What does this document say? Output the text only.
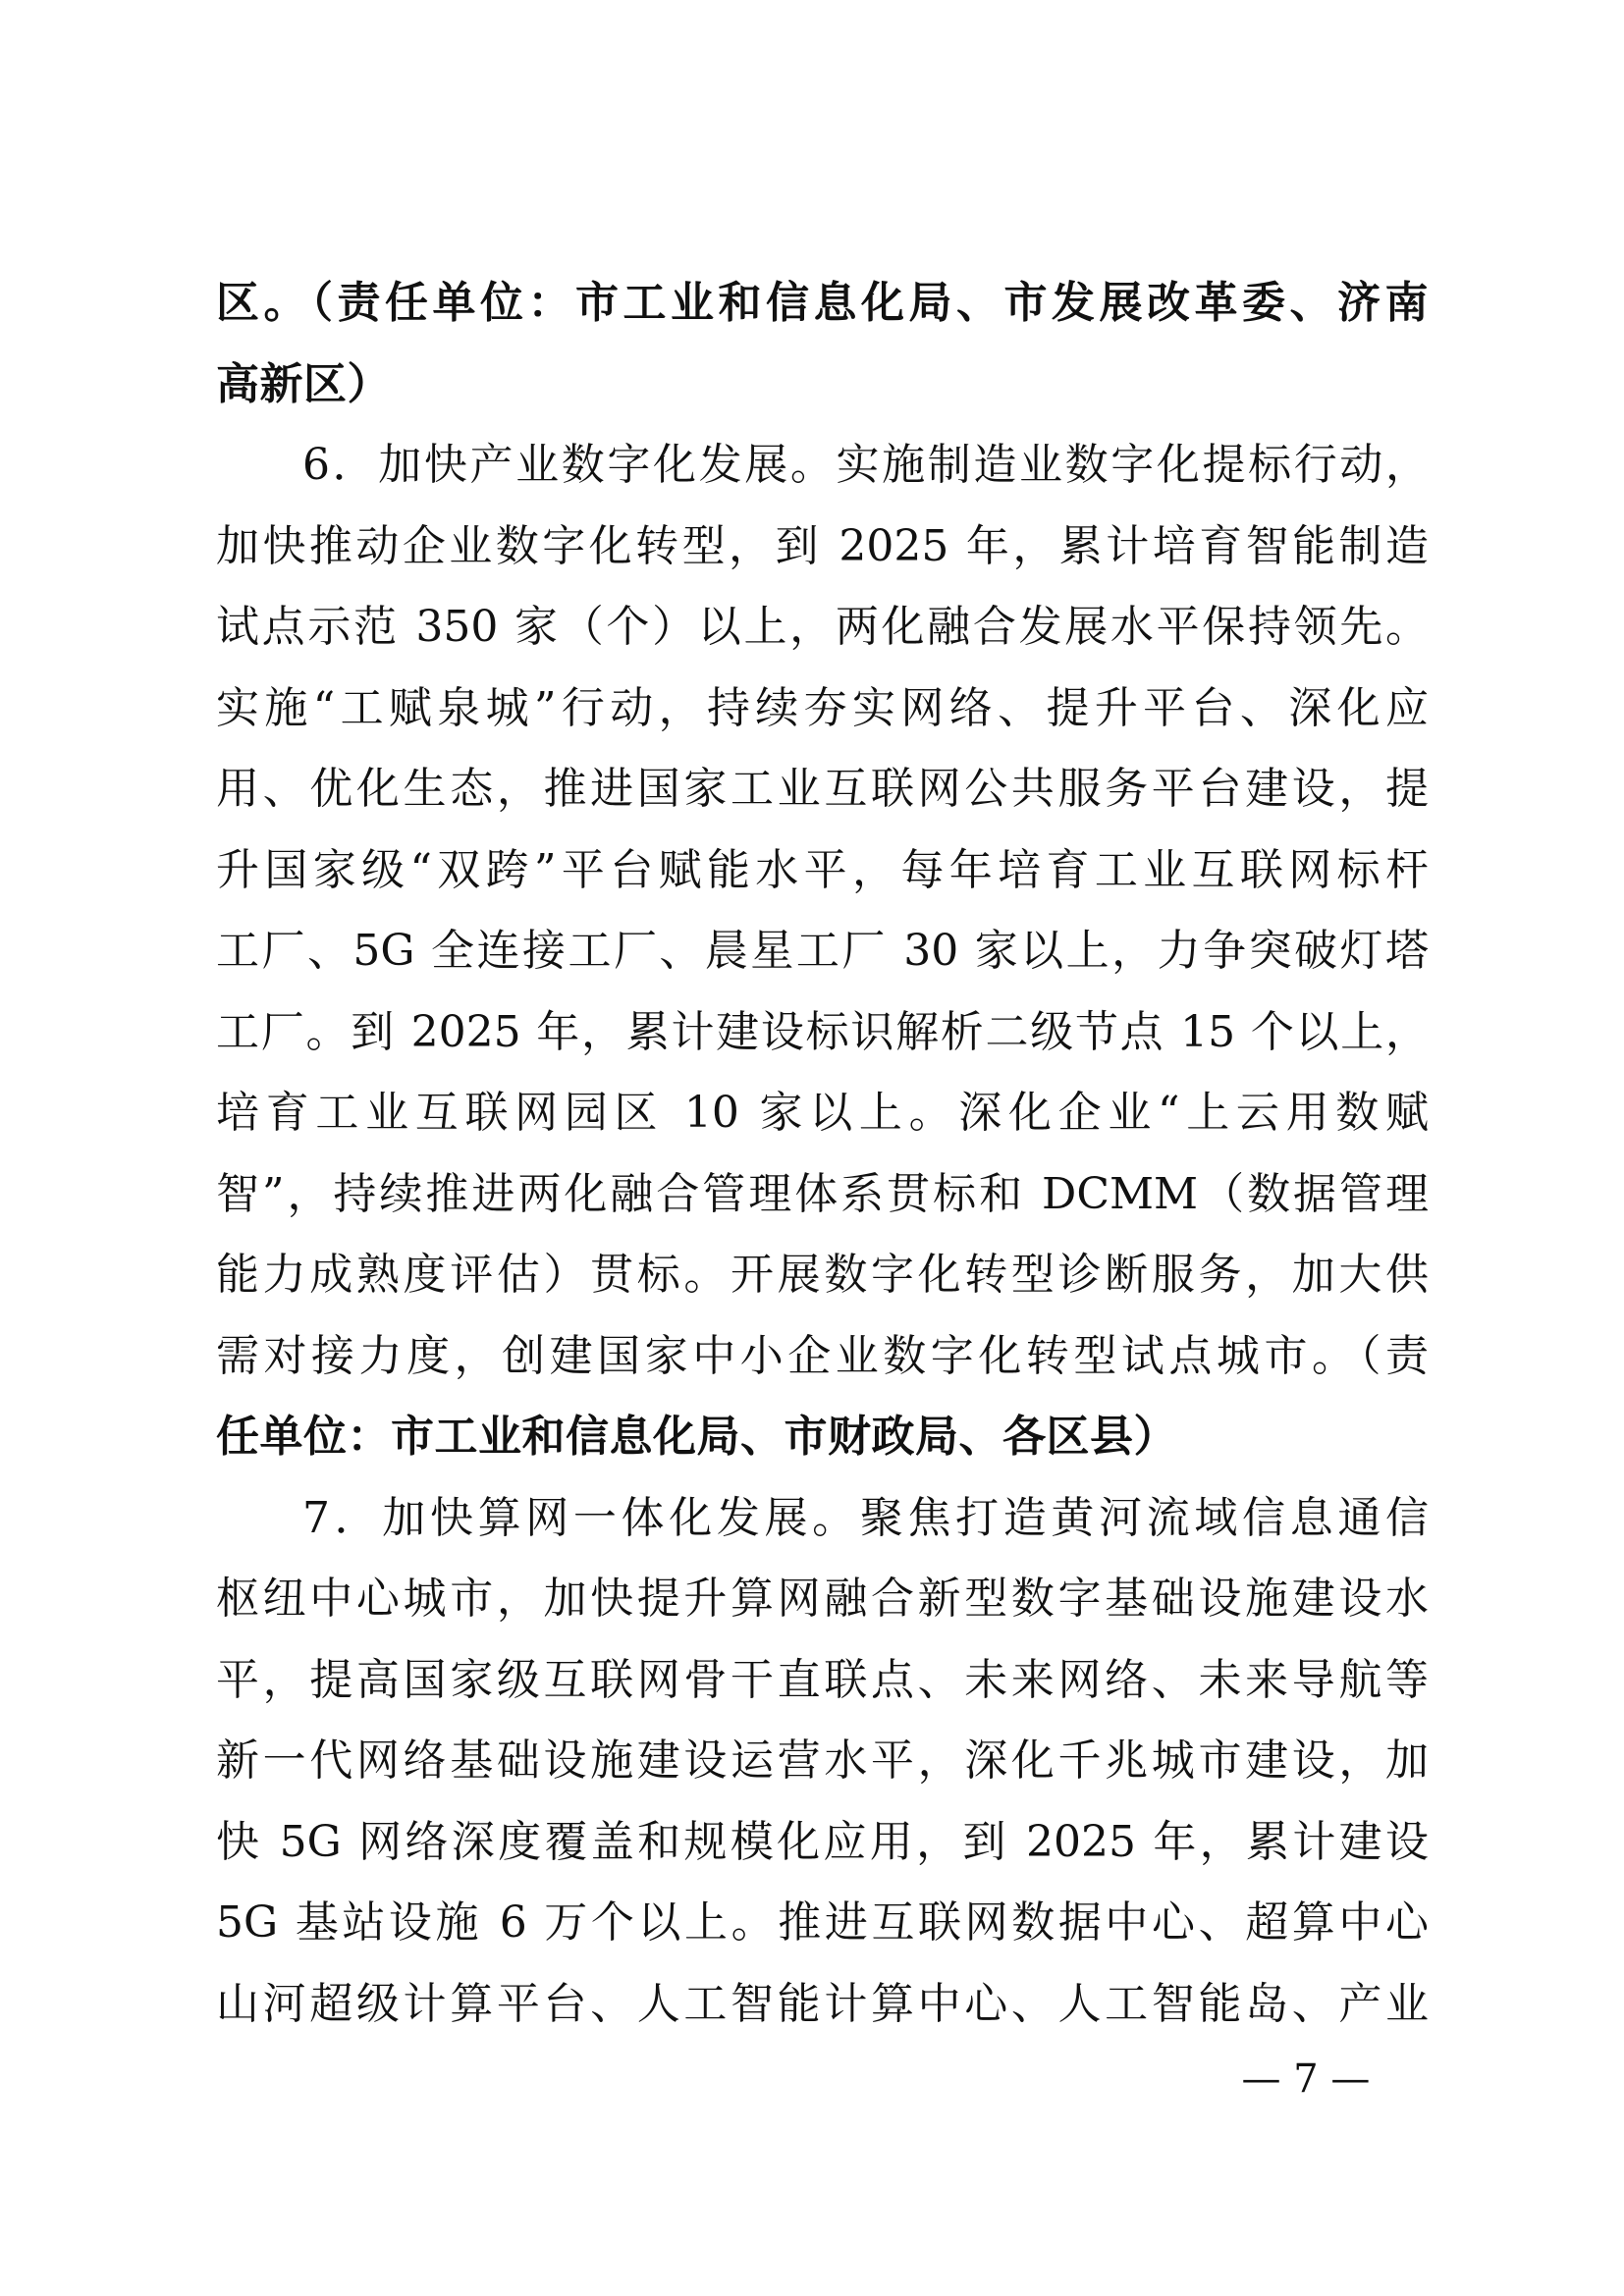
区。（责任单位：市工业和信息化局、市发展改革委、济南
高新区）
6．加快产业数字化发展。实施制造业数字化提标行动，
加快推动企业数字化转型，到 2025 年，累计培育智能制造
试点示范 350 家（个）以上，两化融合发展水平保持领先。
实施“工赋泉城”行动，持续夯实网络、提升平台、深化应
用、优化生态，推进国家工业互联网公共服务平台建设，提
升国家级“双跨”平台赋能水平，每年培育工业互联网标杆
工厂、5G 全连接工厂、晨星工厂 30 家以上，力争突破灯塔
工厂。到 2025 年，累计建设标识解析二级节点 15 个以上，
培育工业互联网园区 10 家以上。深化企业“上云用数赋
智”，持续推进两化融合管理体系贯标和 DCMM（数据管理
能力成熟度评估）贯标。开展数字化转型诊断服务，加大供
需对接力度，创建国家中小企业数字化转型试点城市。（责
任单位：市工业和信息化局、市财政局、各区县）
7．加快算网一体化发展。聚焦打造黄河流域信息通信
枢纽中心城市，加快提升算网融合新型数字基础设施建设水
平，提高国家级互联网骨干直联点、未来网络、未来导航等
新一代网络基础设施建设运营水平，深化千兆城市建设，加
快 5G 网络深度覆盖和规模化应用，到 2025 年，累计建设
5G 基站设施 6 万个以上。推进互联网数据中心、超算中心
山河超级计算平台、人工智能计算中心、人工智能岛、产业
— 7 —
